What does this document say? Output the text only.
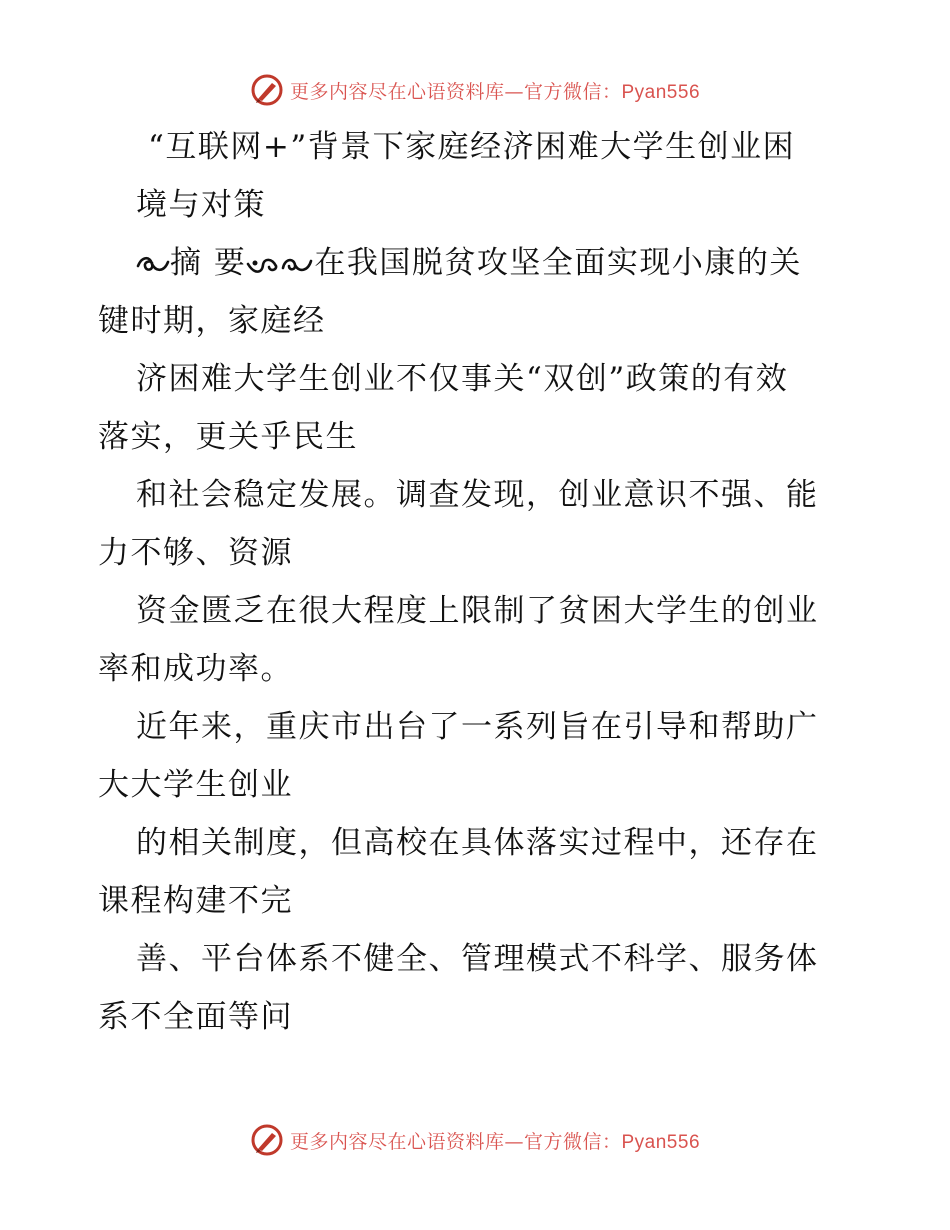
更多内容尽在心语资料库—官方微信：Pyan556
“互联网+”背景下家庭经济困难大学生创业困
境与对策
摘 要 在我国脱贫攻坚全面实现小康的关
键时期，家庭经
济困难大学生创业不仅事关“双创”政策的有效
落实，更关乎民生
和社会稳定发展。调查发现，创业意识不强、能
力不够、资源
资金匮乏在很大程度上限制了贫困大学生的创业
率和成功率。
近年来，重庆市出台了一系列旨在引导和帮助广
大大学生创业
的相关制度，但高校在具体落实过程中，还存在
课程构建不完
善、平台体系不健全、管理模式不科学、服务体
系不全面等问
更多内容尽在心语资料库—官方微信：Pyan556
